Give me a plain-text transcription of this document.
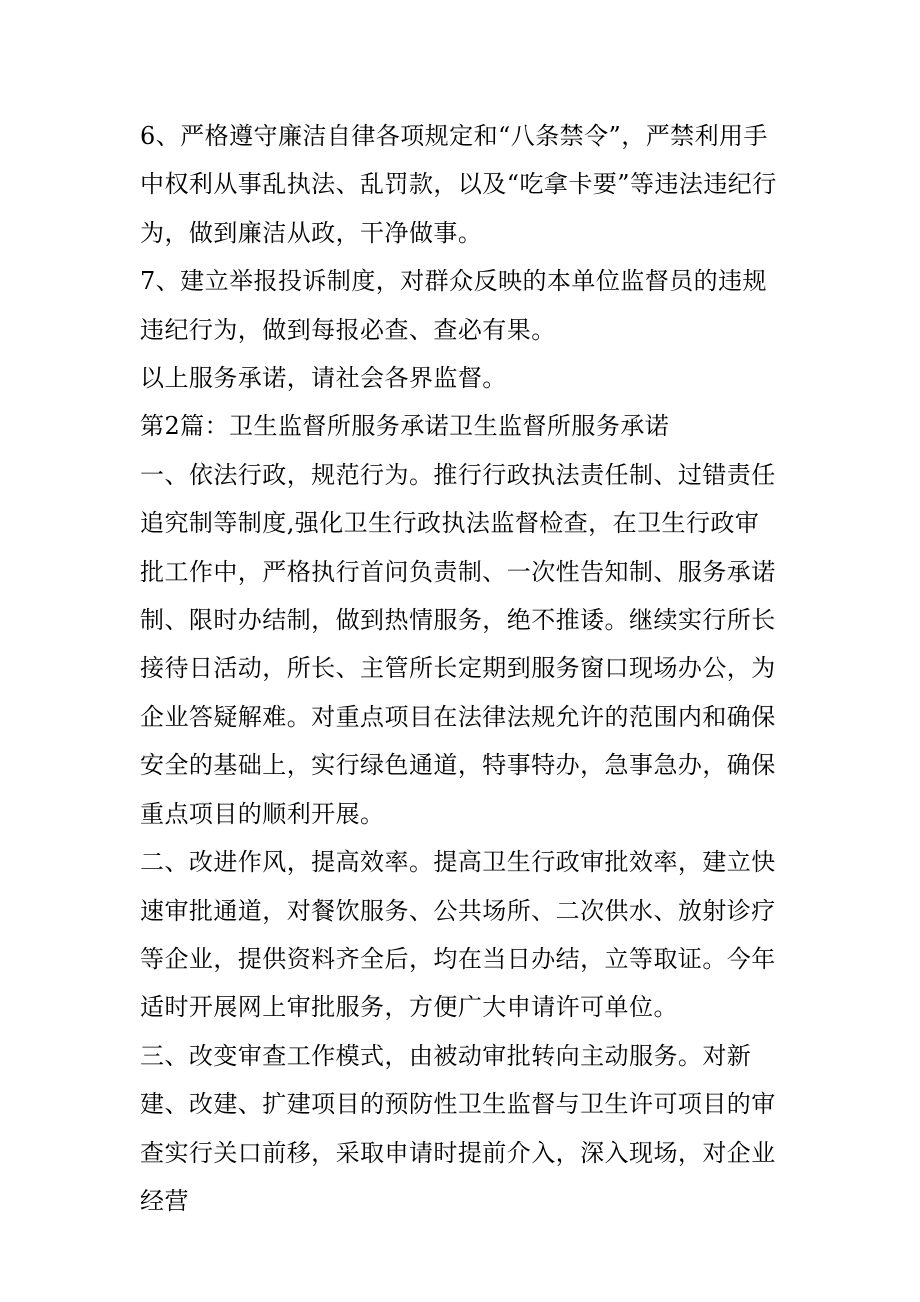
6、严格遵守廉洁自律各项规定和“八条禁令”，严禁利用手中权利从事乱执法、乱罚款，以及“吃拿卡要”等违法违纪行为，做到廉洁从政，干净做事。

7、建立举报投诉制度，对群众反映的本单位监督员的违规违纪行为，做到每报必查、查必有果。

以上服务承诺，请社会各界监督。

第2篇：卫生监督所服务承诺卫生监督所服务承诺

一、依法行政，规范行为。推行行政执法责任制、过错责任追究制等制度,强化卫生行政执法监督检查，在卫生行政审批工作中，严格执行首问负责制、一次性告知制、服务承诺制、限时办结制，做到热情服务，绝不推诿。继续实行所长接待日活动，所长、主管所长定期到服务窗口现场办公，为企业答疑解难。对重点项目在法律法规允许的范围内和确保安全的基础上，实行绿色通道，特事特办，急事急办，确保重点项目的顺利开展。

二、改进作风，提高效率。提高卫生行政审批效率，建立快速审批通道，对餐饮服务、公共场所、二次供水、放射诊疗等企业，提供资料齐全后，均在当日办结，立等取证。今年适时开展网上审批服务，方便广大申请许可单位。

三、改变审查工作模式，由被动审批转向主动服务。对新建、改建、扩建项目的预防性卫生监督与卫生许可项目的审查实行关口前移，采取申请时提前介入，深入现场，对企业经营
